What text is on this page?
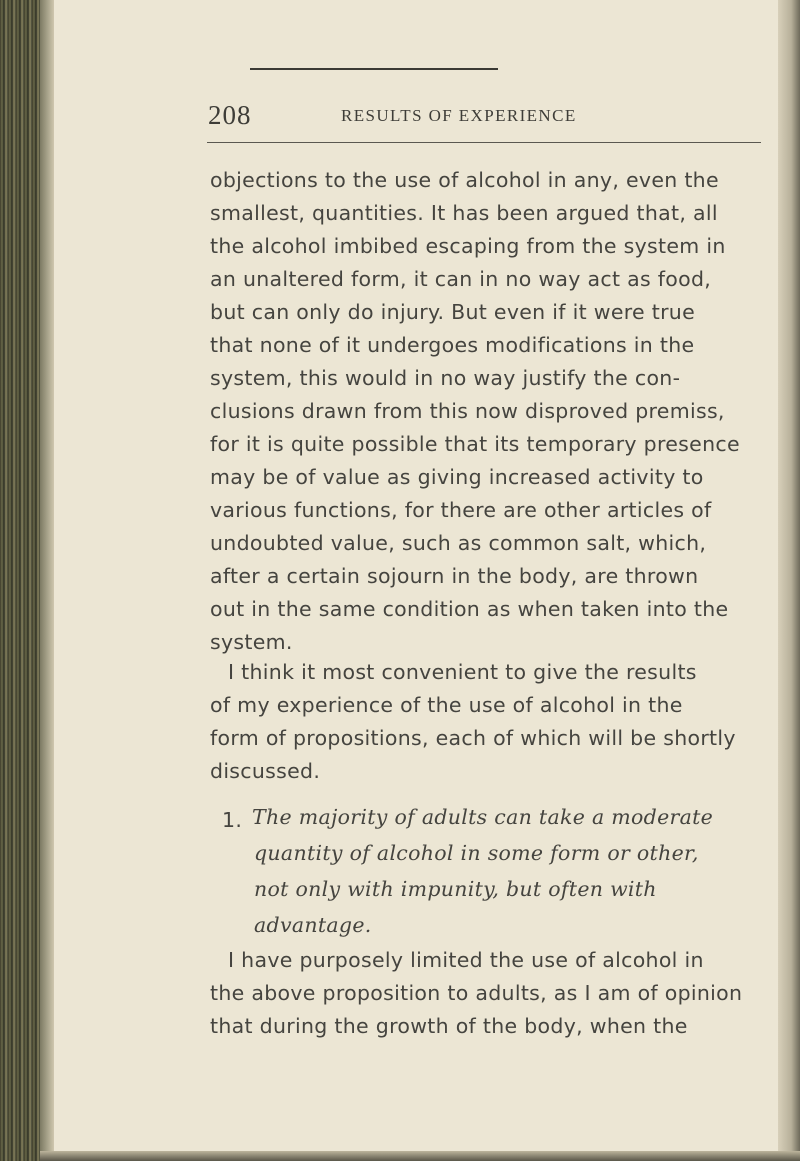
208	RESULTS OF EXPERIENCE
objections to the use of alcohol in any, even the
smallest, quantities. It has been argued that, all
the alcohol imbibed escaping from the system in
an unaltered form, it can in no way act as food,
but can only do injury. But even if it were true
that none of it undergoes modifications in the
system, this would in no way justify the con-
clusions drawn from this now disproved premiss,
for it is quite possible that its temporary presence
may be of value as giving increased activity to
various functions, for there are other articles of
undoubted value, such as common salt, which,
after a certain sojourn in the body, are thrown
out in the same condition as when taken into the
system.
I think it most convenient to give the results
of my experience of the use of alcohol in the
form of propositions, each of which will be shortly
discussed.
1. The majority of adults can take a moderate
quantity of alcohol in some form or other,
not only with impunity, but often with
advantage.
I have purposely limited the use of alcohol in
the above proposition to adults, as I am of opinion
that during the growth of the body, when the
